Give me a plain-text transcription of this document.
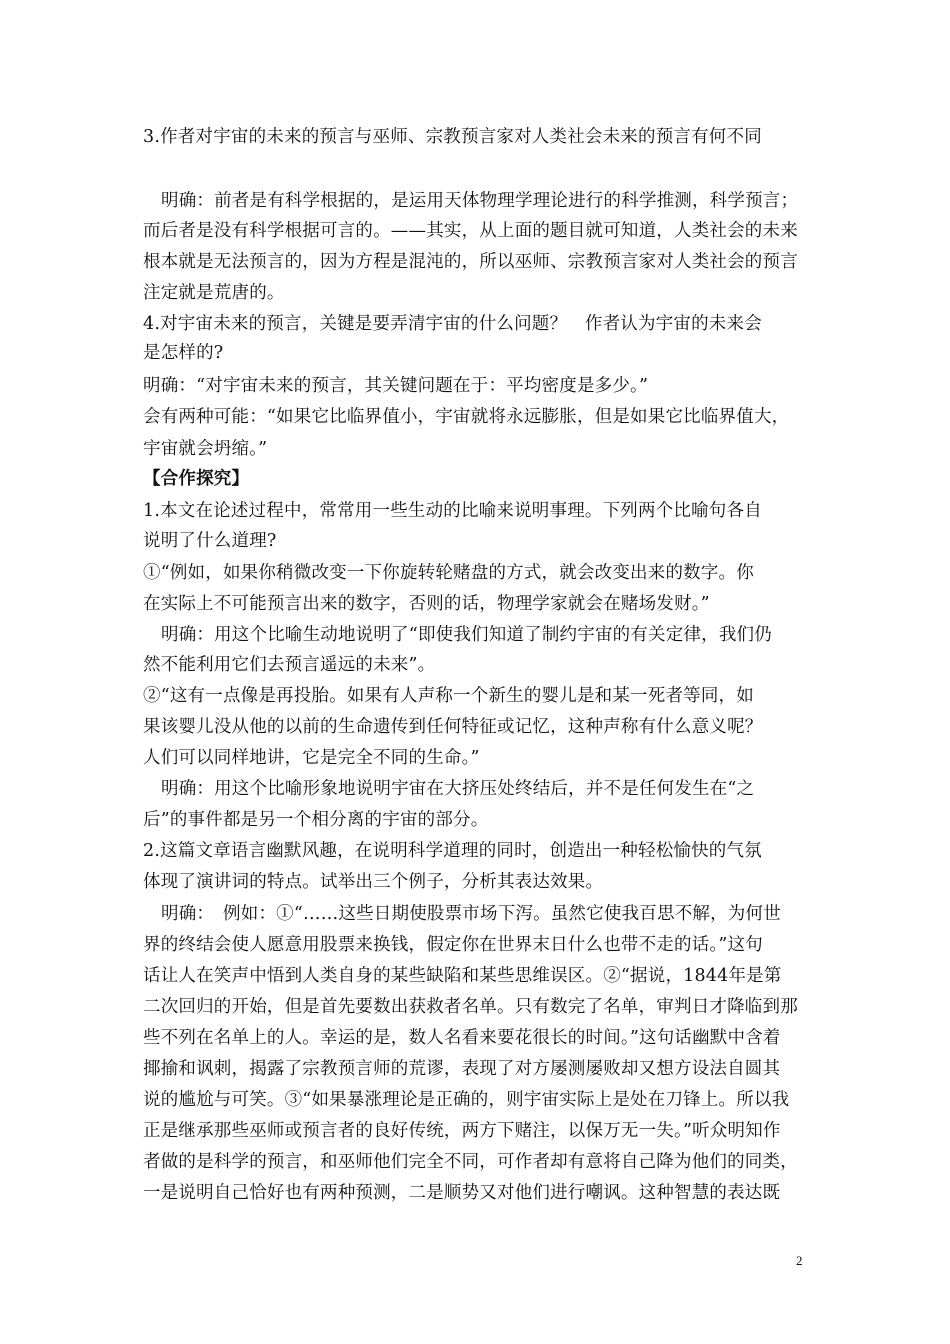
3.作者对宇宙的未来的预言与巫师、宗教预言家对人类社会未来的预言有何不同
明确：前者是有科学根据的，是运用天体物理学理论进行的科学推测，科学预言；
而后者是没有科学根据可言的。——其实，从上面的题目就可知道，人类社会的未来
根本就是无法预言的，因为方程是混沌的，所以巫师、宗教预言家对人类社会的预言
注定就是荒唐的。
4.对宇宙未来的预言，关键是要弄清宇宙的什么问题？　作者认为宇宙的未来会
是怎样的?
明确：“对宇宙未来的预言，其关键问题在于：平均密度是多少。”
会有两种可能：“如果它比临界值小，宇宙就将永远膨胀，但是如果它比临界值大，
宇宙就会坍缩。”
【合作探究】
1.本文在论述过程中，常常用一些生动的比喻来说明事理。下列两个比喻句各自
说明了什么道理?
①“例如，如果你稍微改变一下你旋转轮赌盘的方式，就会改变出来的数字。你
在实际上不可能预言出来的数字，否则的话，物理学家就会在赌场发财。”
明确：用这个比喻生动地说明了“即使我们知道了制约宇宙的有关定律，我们仍
然不能利用它们去预言遥远的未来”。
②“这有一点像是再投胎。如果有人声称一个新生的婴儿是和某一死者等同，如
果该婴儿没从他的以前的生命遗传到任何特征或记忆，这种声称有什么意义呢？
人们可以同样地讲，它是完全不同的生命。”
明确：用这个比喻形象地说明宇宙在大挤压处终结后，并不是任何发生在“之
后”的事件都是另一个相分离的宇宙的部分。
2.这篇文章语言幽默风趣，在说明科学道理的同时，创造出一种轻松愉快的气氛
体现了演讲词的特点。试举出三个例子，分析其表达效果。
明确：　例如：①“……这些日期使股票市场下泻。虽然它使我百思不解，为何世
界的终结会使人愿意用股票来换钱，假定你在世界末日什么也带不走的话。”这句
话让人在笑声中悟到人类自身的某些缺陷和某些思维误区。②“据说，1844年是第
二次回归的开始，但是首先要数出获救者名单。只有数完了名单，审判日才降临到那
些不列在名单上的人。幸运的是，数人名看来要花很长的时间。”这句话幽默中含着
揶揄和讽刺，揭露了宗教预言师的荒谬，表现了对方屡测屡败却又想方设法自圆其
说的尴尬与可笑。③“如果暴涨理论是正确的，则宇宙实际上是处在刀锋上。所以我
正是继承那些巫师或预言者的良好传统，两方下赌注，以保万无一失。”听众明知作
者做的是科学的预言，和巫师他们完全不同，可作者却有意将自己降为他们的同类，
一是说明自己恰好也有两种预测，二是顺势又对他们进行嘲讽。这种智慧的表达既
2
